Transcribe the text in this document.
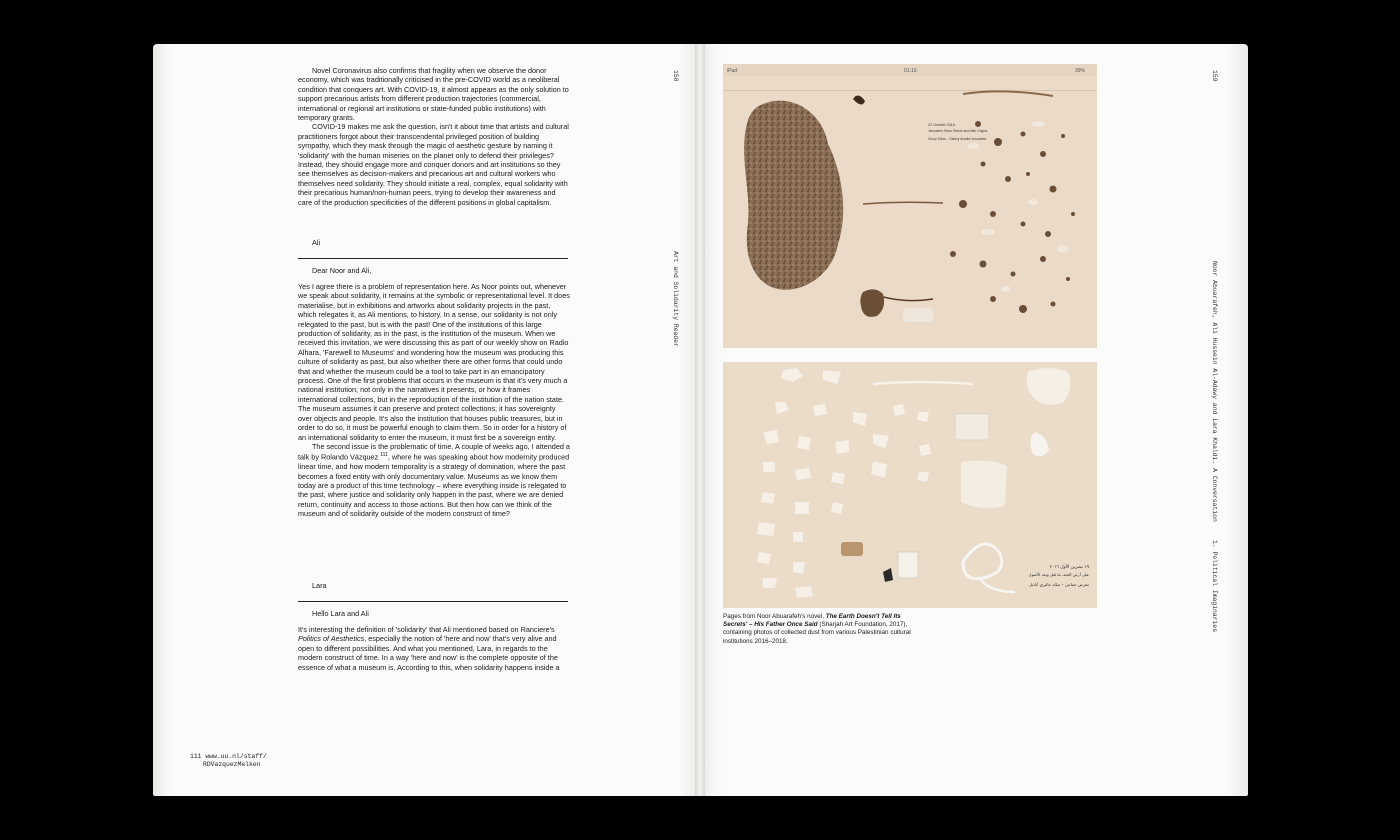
Novel Coronavirus also confirms that fragility when we observe the donor economy, which was traditionally criticised in the pre-COVID world as a neoliberal condition that conquers art. With COVID-19, it almost appears as the only solution to support precarious artists from different production trajectories (commercial, international or regional art institutions or state-funded public institutions) with temporary grants.

COVID-19 makes me ask the question, isn't it about time that artists and cultural practitioners forgot about their transcendental privileged position of building sympathy, which they mask through the magic of aesthetic gesture by naming it 'solidarity' with the human miseries on the planet only to defend their privileges? Instead, they should engage more and conquer donors and art institutions so they see themselves as decision-makers and precarious art and cultural workers who themselves need solidarity. They should initiate a real, complex, equal solidarity with their precarious human/non-human peers, trying to develop their awareness and care of the production specificities of the different positions in global capitalism.

Ali
Dear Noor and Ali,

Yes I agree there is a problem of representation here. As Noor points out, whenever we speak about solidarity, it remains at the symbolic or representational level. It does materialise, but in exhibitions and artworks about solidarity projects in the past, which relegates it, as Ali mentions, to history. In a sense, our solidarity is not only relegated to the past, but is with the past! One of the institutions of this large production of solidarity, as in the past, is the institution of the museum. When we received this invitation, we were discussing this as part of our weekly show on Radio Alhara, 'Farewell to Museums' and wondering how the museum was producing this culture of solidarity as past, but also whether there are other forms that could undo that and whether the museum could be a tool to take part in an emancipatory process. One of the first problems that occurs in the museum is that it's very much a national institution; not only in the narratives it presents, or how it frames international collections, but in the reproduction of the institution of the nation state. The museum assumes it can preserve and protect collections; it has sovereignty over objects and people. It's also the institution that houses public treasures, but in order to do so, it must be powerful enough to claim them. So in order for a history of an international solidarity to enter the museum, it must first be a sovereign entity.

The second issue is the problematic of time. A couple of weeks ago, I attended a talk by Rolando Vázquez $^{111}$, where he was speaking about how modernity produced linear time, and how modern temporality is a strategy of domination, where the past becomes a fixed entity with only documentary value. Museums as we know them today are a product of this time technology – where everything inside is relegated to the past, where justice and solidarity only happen in the past, where we are denied return, continuity and access to those actions. But then how can we think of the museum and of solidarity outside of the modern construct of time?

Lara
Hello Lara and Ali

It's interesting the definition of 'solidarity' that Ali mentioned based on Ranciere's Politics of Aesthetics, especially the notion of 'here and now' that's very alive and open to different possibilities. And what you mentioned, Lara, in regards to the modern construct of time. In a way 'here and now' is the complete opposite of the essence of what a museum is. According to this, when solidarity happens inside a

111 www.uu.nl/staff/
RDVazquezMelken
158
Art and Solidarity Reader
iPad	01:10	39%
22 October 2018
Jerusalem Show: Before and After Origins
Group Show – Gallery Anadiel Jerusalem
١٩ تشرين الأول ٢٠١٦
على أرض الجنة، ما قبل وبعد الأصول
معرض جماعي – صالة جاليري أناديل
Pages from Noor Abuarafeh's novel, The Earth Doesn't Tell Its Secrets' – His Father Once Said (Sharjah Art Foundation, 2017), containing photos of collected dust from various Palestinian cultural institutions 2016–2018.
159
Noor Abuarafeh, Ali Hussein Al-Adawy and Lara Khaldi. A Conversation
1. Political Imaginaries
